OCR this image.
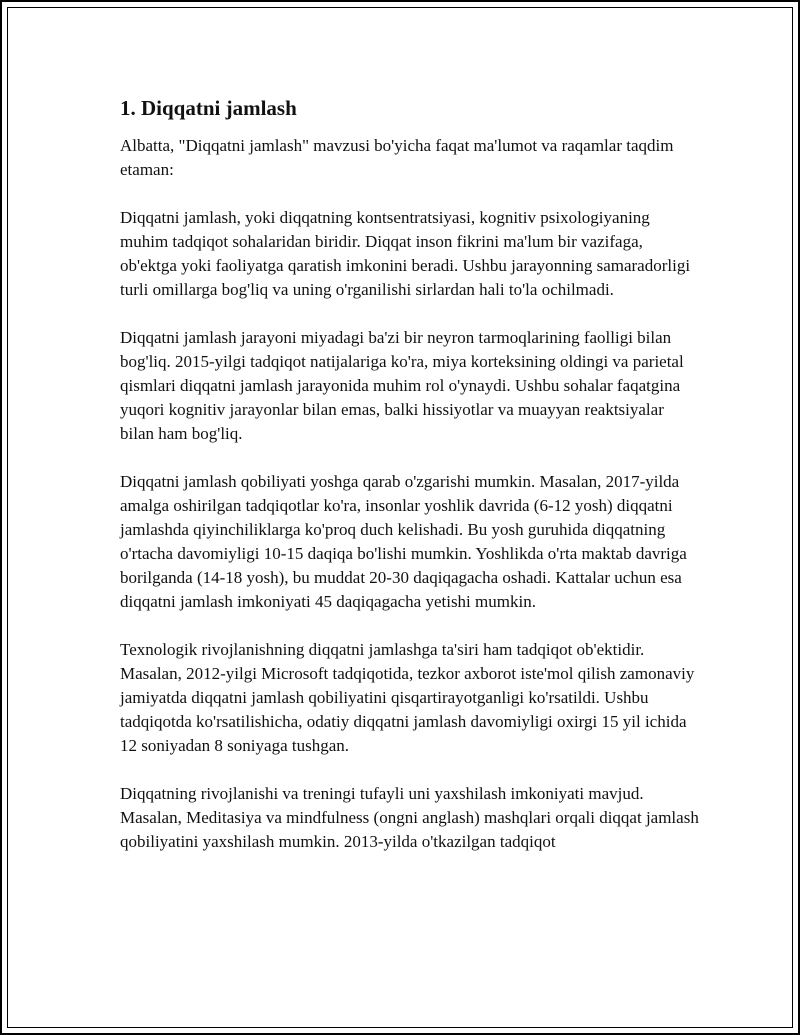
1. Diqqatni jamlash

Albatta, "Diqqatni jamlash" mavzusi bo'yicha faqat ma'lumot va raqamlar taqdim etaman:

Diqqatni jamlash, yoki diqqatning kontsentratsiyasi, kognitiv psixologiyaning muhim tadqiqot sohalaridan biridir. Diqqat inson fikrini ma'lum bir vazifaga, ob'ektga yoki faoliyatga qaratish imkonini beradi. Ushbu jarayonning samaradorligi turli omillarga bog'liq va uning o'rganilishi sirlardan hali to'la ochilmadi.

Diqqatni jamlash jarayoni miyadagi ba'zi bir neyron tarmoqlarining faolligi bilan bog'liq. 2015-yilgi tadqiqot natijalariga ko'ra, miya korteksining oldingi va parietal qismlari diqqatni jamlash jarayonida muhim rol o'ynaydi. Ushbu sohalar faqatgina yuqori kognitiv jarayonlar bilan emas, balki hissiyotlar va muayyan reaktsiyalar bilan ham bog'liq.

Diqqatni jamlash qobiliyati yoshga qarab o'zgarishi mumkin. Masalan, 2017-yilda amalga oshirilgan tadqiqotlar ko'ra, insonlar yoshlik davrida (6-12 yosh) diqqatni jamlashda qiyinchiliklarga ko'proq duch kelishadi. Bu yosh guruhida diqqatning o'rtacha davomiyligi 10-15 daqiqa bo'lishi mumkin. Yoshlikda o'rta maktab davriga borilganda (14-18 yosh), bu muddat 20-30 daqiqagacha oshadi. Kattalar uchun esa diqqatni jamlash imkoniyati 45 daqiqagacha yetishi mumkin.

Texnologik rivojlanishning diqqatni jamlashga ta'siri ham tadqiqot ob'ektidir. Masalan, 2012-yilgi Microsoft tadqiqotida, tezkor axborot iste'mol qilish zamonaviy jamiyatda diqqatni jamlash qobiliyatini qisqartirayotganligi ko'rsatildi. Ushbu tadqiqotda ko'rsatilishicha, odatiy diqqatni jamlash davomiyligi oxirgi 15 yil ichida 12 soniyadan 8 soniyaga tushgan.

Diqqatning rivojlanishi va treningi tufayli uni yaxshilash imkoniyati mavjud. Masalan, Meditasiya va mindfulness (ongni anglash) mashqlari orqali diqqat jamlash qobiliyatini yaxshilash mumkin. 2013-yilda o'tkazilgan tadqiqot
